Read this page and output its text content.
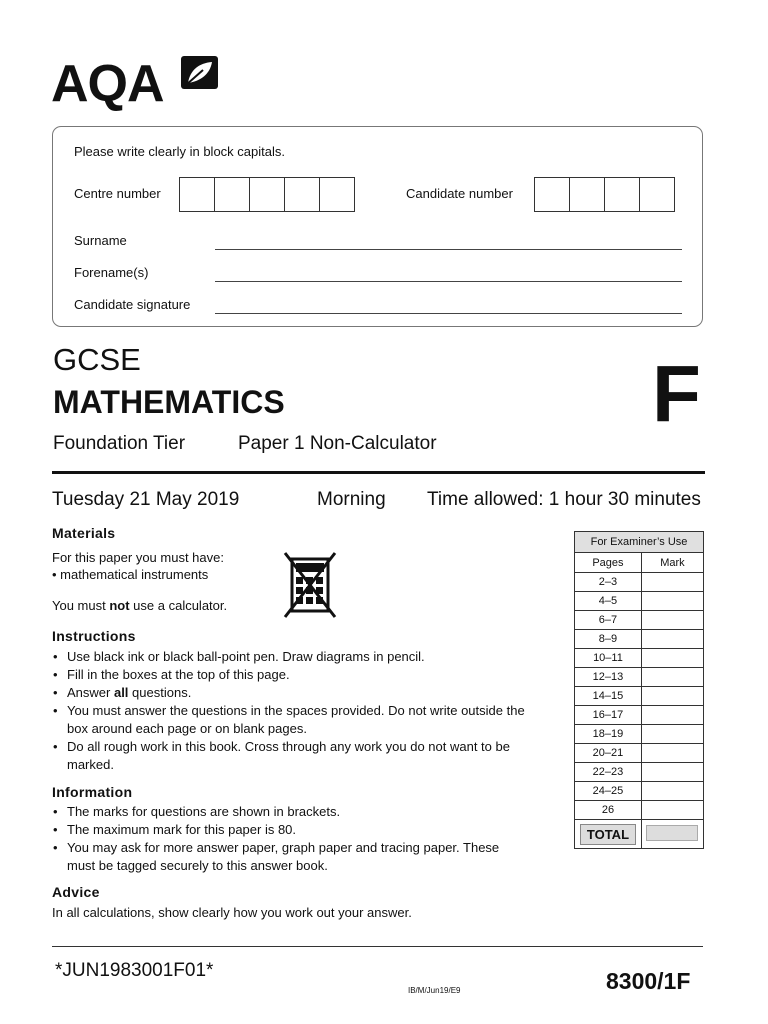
AQA
Please write clearly in block capitals.
Centre number	Candidate number
Surname
Forename(s)
Candidate signature
GCSE
MATHEMATICS
Foundation Tier	Paper 1 Non-Calculator
F
Tuesday 21 May 2019	Morning Time allowed: 1 hour 30 minutes
Materials
For this paper you must have:
• mathematical instruments
You must not use a calculator.
Instructions
• Use black ink or black ball-point pen. Draw diagrams in pencil.
• Fill in the boxes at the top of this page.
• Answer all questions.
• You must answer the questions in the spaces provided. Do not write outside the box around each page or on blank pages.
• Do all rough work in this book. Cross through any work you do not want to be marked.
Information
• The marks for questions are shown in brackets.
• The maximum mark for this paper is 80.
• You may ask for more answer paper, graph paper and tracing paper. These must be tagged securely to this answer book.
Advice
In all calculations, show clearly how you work out your answer.
For Examiner’s Use	
Pages	Mark
2–3	
4–5	
6–7	
8–9	
10–11	
12–13	
14–15	
16–17	
18–19	
20–21	
22–23	
24–25	
26	
TOTAL	
*JUN1983001F01*
IB/M/Jun19/E9	8300/1F
